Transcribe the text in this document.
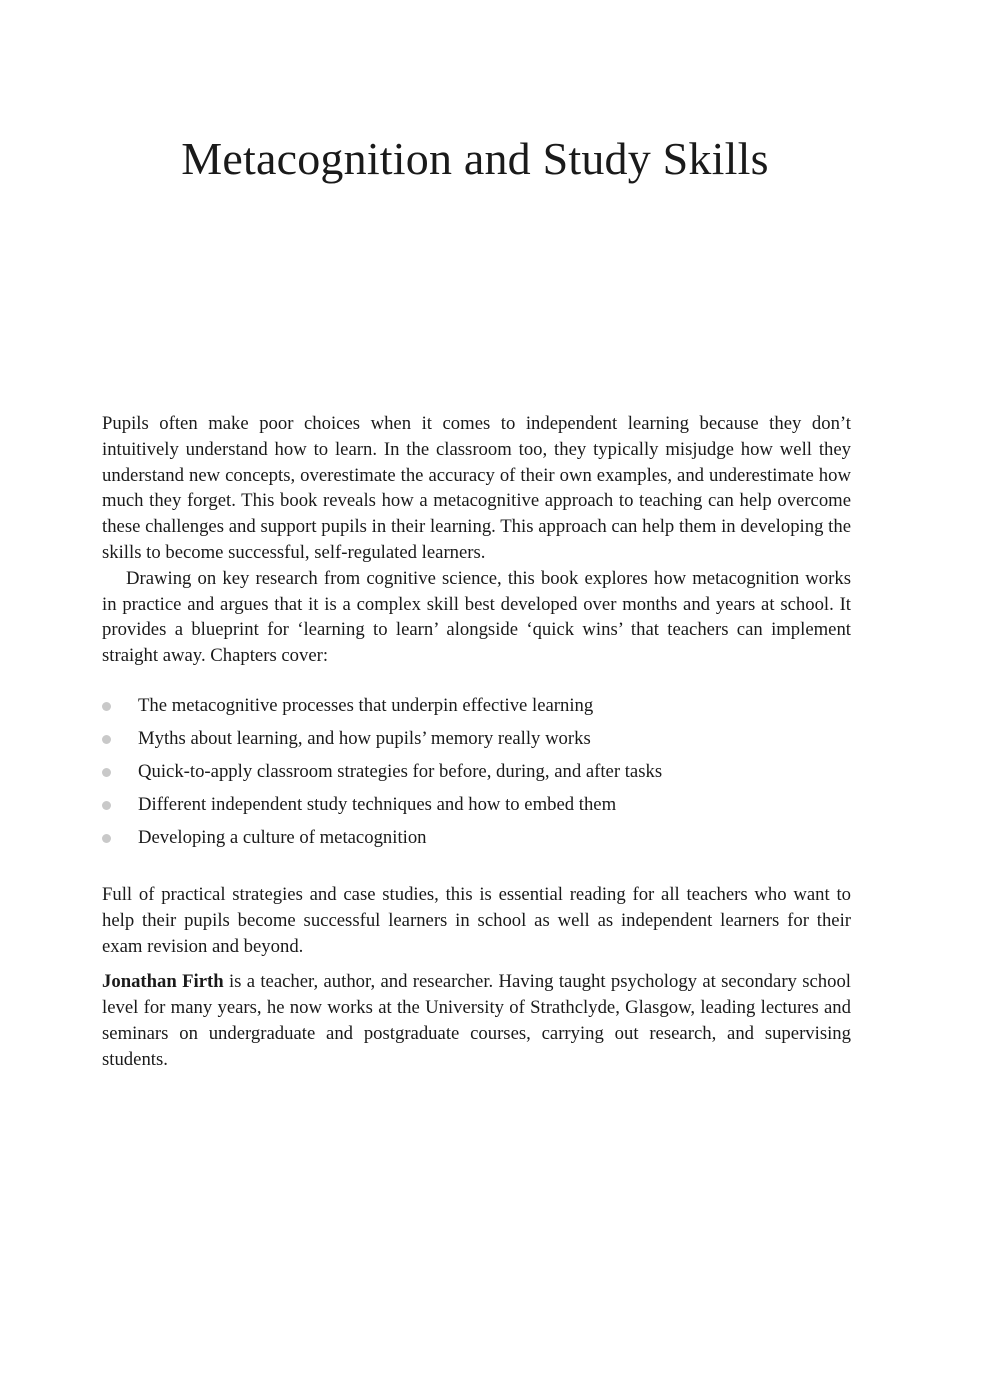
Metacognition and Study Skills

Pupils often make poor choices when it comes to independent learning because they don’t intuitively understand how to learn. In the classroom too, they typically misjudge how well they understand new concepts, overestimate the accuracy of their own examples, and underestimate how much they forget. This book reveals how a metacognitive approach to teaching can help overcome these challenges and support pupils in their learning. This approach can help them in developing the skills to become successful, self-regulated learners.

Drawing on key research from cognitive science, this book explores how metacognition works in practice and argues that it is a complex skill best developed over months and years at school. It provides a blueprint for ‘learning to learn’ alongside ‘quick wins’ that teachers can implement straight away. Chapters cover:

The metacognitive processes that underpin effective learning
Myths about learning, and how pupils’ memory really works
Quick-to-apply classroom strategies for before, during, and after tasks
Different independent study techniques and how to embed them
Developing a culture of metacognition

Full of practical strategies and case studies, this is essential reading for all teachers who want to help their pupils become successful learners in school as well as independent learners for their exam revision and beyond.

Jonathan Firth is a teacher, author, and researcher. Having taught psychology at secondary school level for many years, he now works at the University of Strathclyde, Glasgow, leading lectures and seminars on undergraduate and postgraduate courses, carrying out research, and supervising students.
